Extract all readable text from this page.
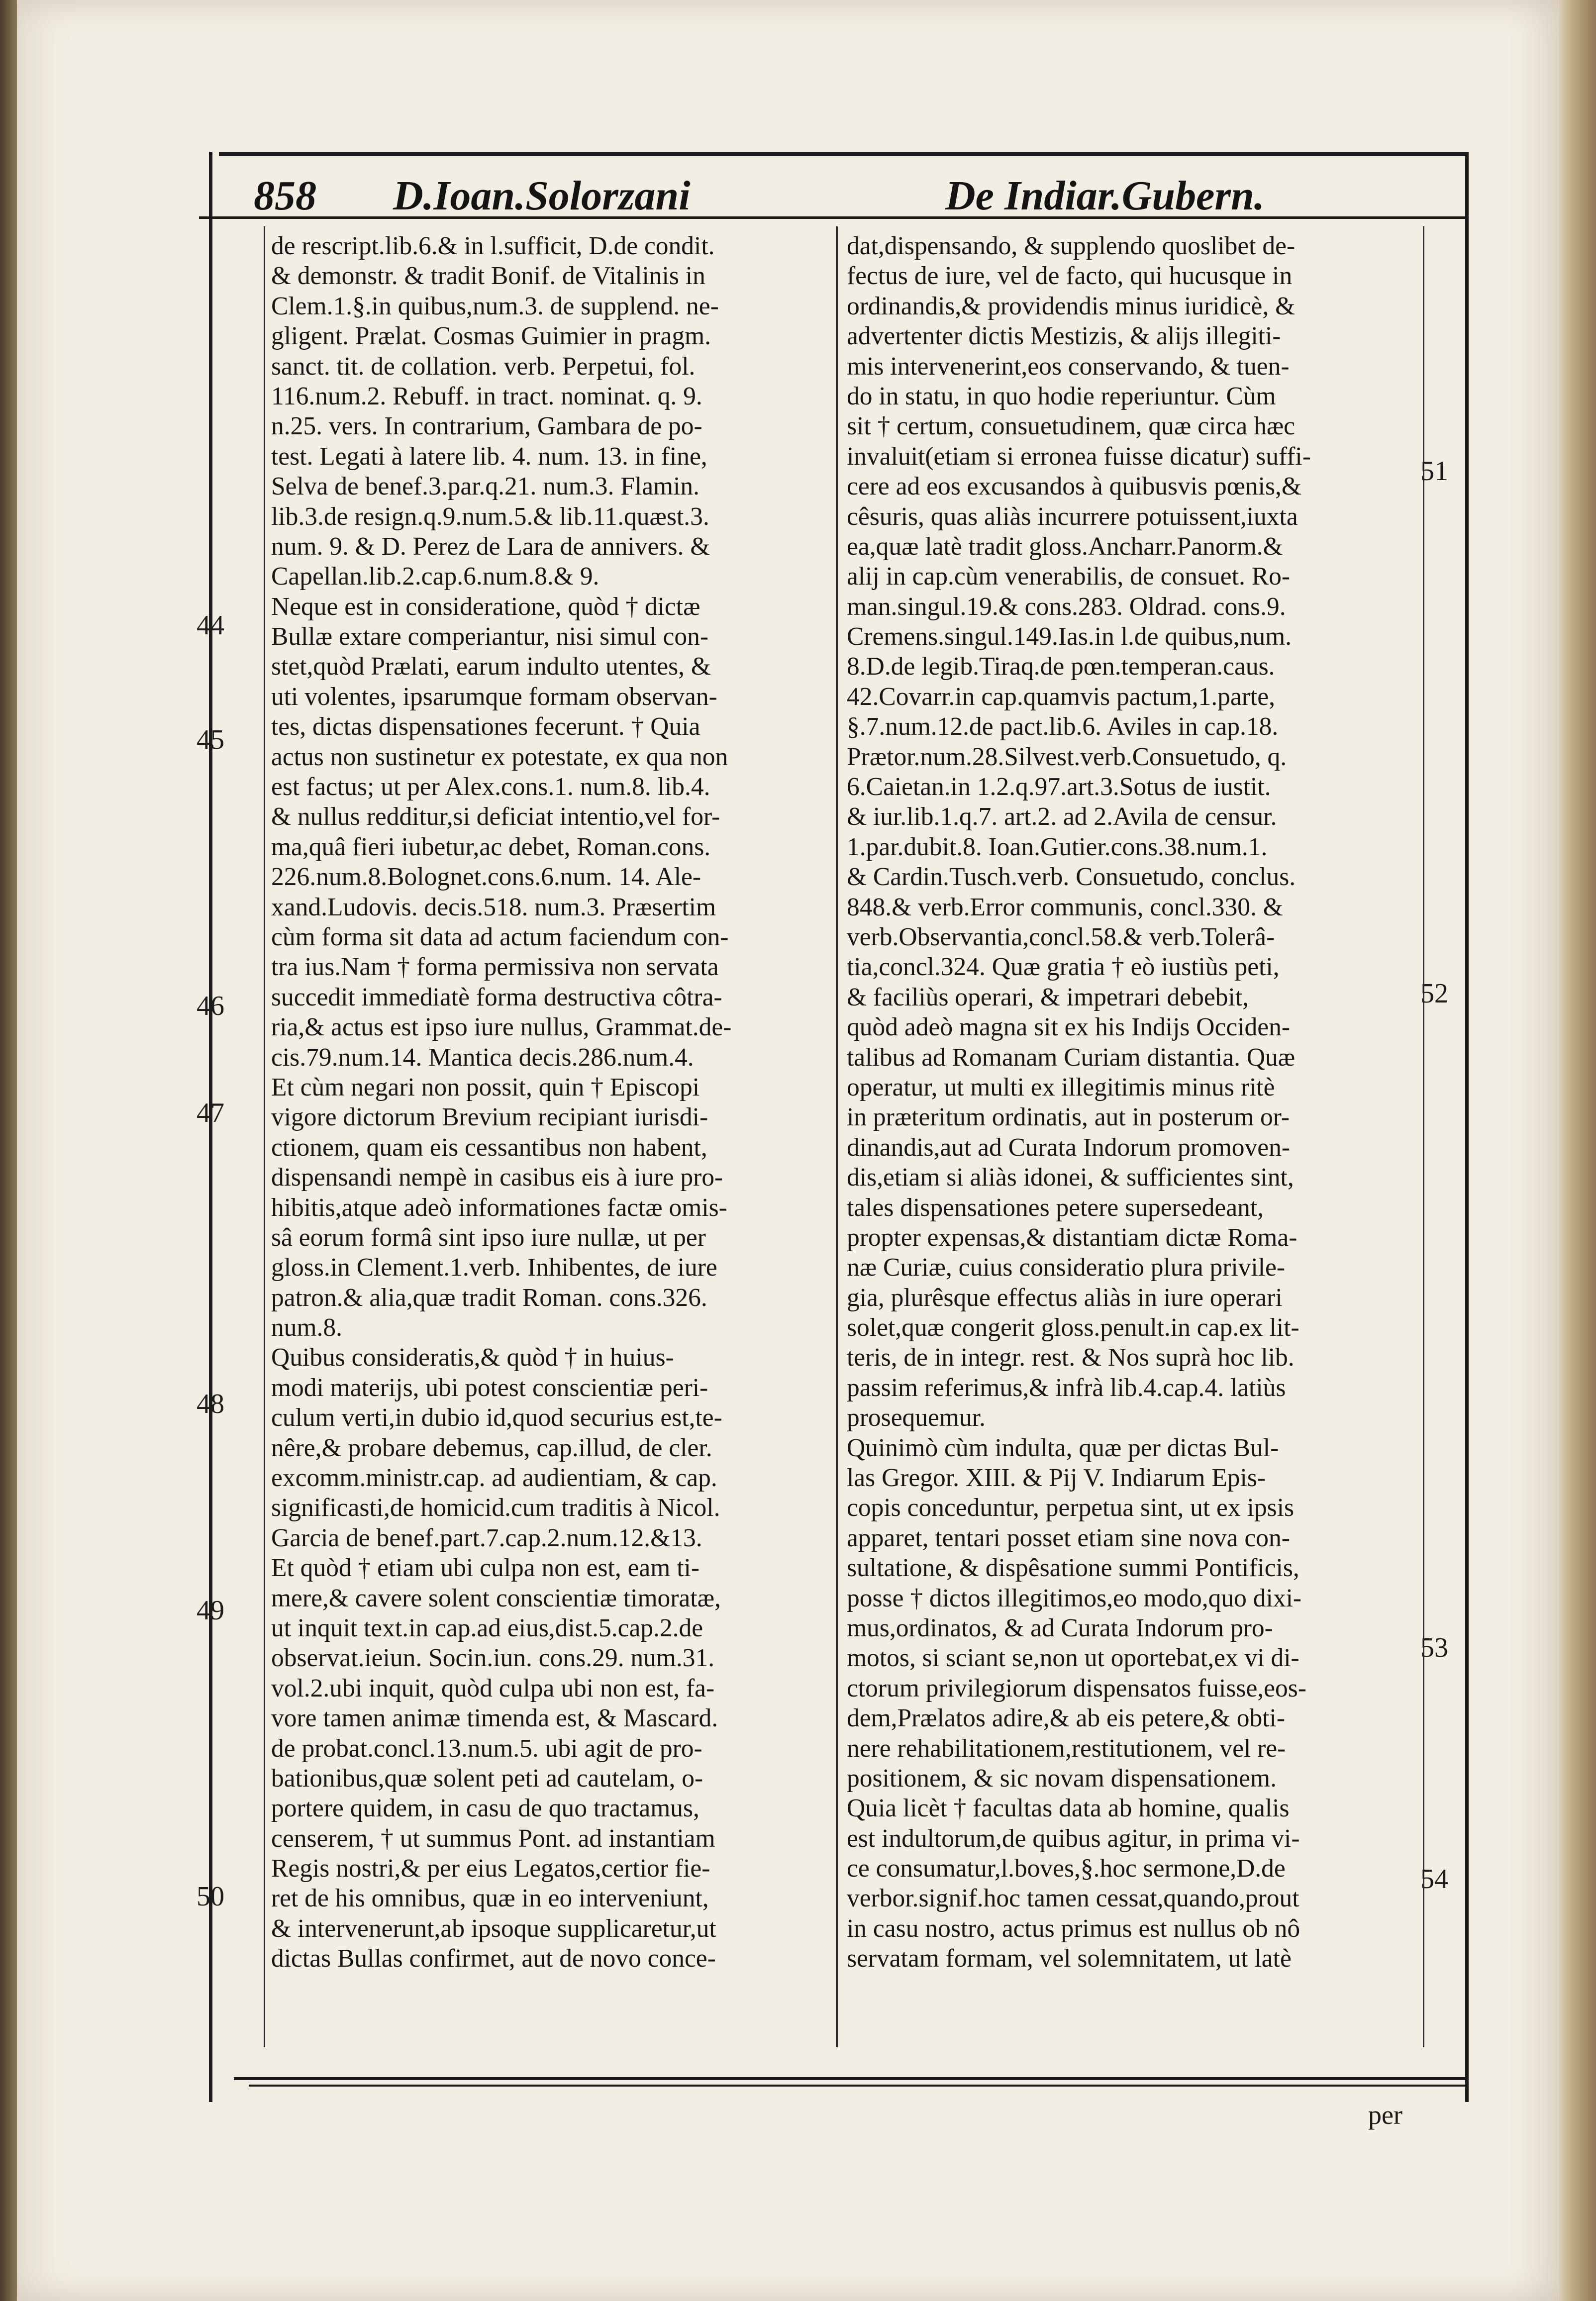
858 D.Ioan.Solorzani	De Indiar.Gubern.
de rescript.lib.6.& in l.sufficit, D.de condit.
& demonstr. & tradit Bonif. de Vitalinis in
Clem.1.§.in quibus,num.3. de supplend. ne-
gligent. Prælat. Cosmas Guimier in pragm.
sanct. tit. de collation. verb. Perpetui, fol.
116.num.2. Rebuff. in tract. nominat. q. 9.
n.25. vers. In contrarium, Gambara de po-
test. Legati à latere lib. 4. num. 13. in fine,
Selva de benef.3.par.q.21. num.3. Flamin.
lib.3.de resign.q.9.num.5.& lib.11.quæst.3.
num. 9. & D. Perez de Lara de annivers. &
Capellan.lib.2.cap.6.num.8.& 9.
Neque est in consideratione, quòd † dictæ
Bullæ extare comperiantur, nisi simul con-
stet,quòd Prælati, earum indulto utentes, &
uti volentes, ipsarumque formam observan-
tes, dictas dispensationes fecerunt. † Quia
actus non sustinetur ex potestate, ex qua non
est factus; ut per Alex.cons.1. num.8. lib.4.
& nullus redditur,si deficiat intentio,vel for-
ma,quâ fieri iubetur,ac debet, Roman.cons.
226.num.8.Bolognet.cons.6.num. 14. Ale-
xand.Ludovis. decis.518. num.3. Præsertim
cùm forma sit data ad actum faciendum con-
tra ius.Nam † forma permissiva non servata
succedit immediatè forma destructiva côtra-
ria,& actus est ipso iure nullus, Grammat.de-
cis.79.num.14. Mantica decis.286.num.4.
Et cùm negari non possit, quin † Episcopi
vigore dictorum Brevium recipiant iurisdi-
ctionem, quam eis cessantibus non habent,
dispensandi nempè in casibus eis à iure pro-
hibitis,atque adeò informationes factæ omis-
sâ eorum formâ sint ipso iure nullæ, ut per
gloss.in Clement.1.verb. Inhibentes, de iure
patron.& alia,quæ tradit Roman. cons.326.
num.8.
Quibus consideratis,& quòd † in huius-
modi materijs, ubi potest conscientiæ peri-
culum verti,in dubio id,quod securius est,te-
nêre,& probare debemus, cap.illud, de cler.
excomm.ministr.cap. ad audientiam, & cap.
significasti,de homicid.cum traditis à Nicol.
Garcia de benef.part.7.cap.2.num.12.&13.
Et quòd † etiam ubi culpa non est, eam ti-
mere,& cavere solent conscientiæ timoratæ,
ut inquit text.in cap.ad eius,dist.5.cap.2.de
observat.ieiun. Socin.iun. cons.29. num.31.
vol.2.ubi inquit, quòd culpa ubi non est, fa-
vore tamen animæ timenda est, & Mascard.
de probat.concl.13.num.5. ubi agit de pro-
bationibus,quæ solent peti ad cautelam, o-
portere quidem, in casu de quo tractamus,
censerem, † ut summus Pont. ad instantiam
Regis nostri,& per eius Legatos,certior fie-
ret de his omnibus, quæ in eo interveniunt,
& intervenerunt,ab ipsoque supplicaretur,ut
dictas Bullas confirmet, aut de novo conce-
dat,dispensando, & supplendo quoslibet de-
fectus de iure, vel de facto, qui hucusque in
ordinandis,& providendis minus iuridicè, &
advertenter dictis Mestizis, & alijs illegiti-
mis intervenerint,eos conservando, & tuen-
do in statu, in quo hodie reperiuntur. Cùm
sit † certum, consuetudinem, quæ circa hæc
invaluit(etiam si erronea fuisse dicatur) suffi-
cere ad eos excusandos à quibusvis pœnis,&
cêsuris, quas aliàs incurrere potuissent,iuxta
ea,quæ latè tradit gloss.Ancharr.Panorm.&
alij in cap.cùm venerabilis, de consuet. Ro-
man.singul.19.& cons.283. Oldrad. cons.9.
Cremens.singul.149.Ias.in l.de quibus,num.
8.D.de legib.Tiraq.de pœn.temperan.caus.
42.Covarr.in cap.quamvis pactum,1.parte,
§.7.num.12.de pact.lib.6. Aviles in cap.18.
Prætor.num.28.Silvest.verb.Consuetudo, q.
6.Caietan.in 1.2.q.97.art.3.Sotus de iustit.
& iur.lib.1.q.7. art.2. ad 2.Avila de censur.
1.par.dubit.8. Ioan.Gutier.cons.38.num.1.
& Cardin.Tusch.verb. Consuetudo, conclus.
848.& verb.Error communis, concl.330. &
verb.Observantia,concl.58.& verb.Tolerâ-
tia,concl.324. Quæ gratia † eò iustiùs peti,
& faciliùs operari, & impetrari debebit,
quòd adeò magna sit ex his Indijs Occiden-
talibus ad Romanam Curiam distantia. Quæ
operatur, ut multi ex illegitimis minus ritè
in præteritum ordinatis, aut in posterum or-
dinandis,aut ad Curata Indorum promoven-
dis,etiam si aliàs idonei, & sufficientes sint,
tales dispensationes petere supersedeant,
propter expensas,& distantiam dictæ Roma-
næ Curiæ, cuius consideratio plura privile-
gia, plurêsque effectus aliàs in iure operari
solet,quæ congerit gloss.penult.in cap.ex lit-
teris, de in integr. rest. & Nos suprà hoc lib.
passim referimus,& infrà lib.4.cap.4. latiùs
prosequemur.
Quinimò cùm indulta, quæ per dictas Bul-
las Gregor. XIII. & Pij V. Indiarum Epis-
copis conceduntur, perpetua sint, ut ex ipsis
apparet, tentari posset etiam sine nova con-
sultatione, & dispêsatione summi Pontificis,
posse † dictos illegitimos,eo modo,quo dixi-
mus,ordinatos, & ad Curata Indorum pro-
motos, si sciant se,non ut oportebat,ex vi di-
ctorum privilegiorum dispensatos fuisse,eos-
dem,Prælatos adire,& ab eis petere,& obti-
nere rehabilitationem,restitutionem, vel re-
positionem, & sic novam dispensationem.
Quia licèt † facultas data ab homine, qualis
est indultorum,de quibus agitur, in prima vi-
ce consumatur,l.boves,§.hoc sermone,D.de
verbor.signif.hoc tamen cessat,quando,prout
in casu nostro, actus primus est nullus ob nô
servatam formam, vel solemnitatem, ut latè
44
45
46
47
48
49
50
51
52
53
54
per
